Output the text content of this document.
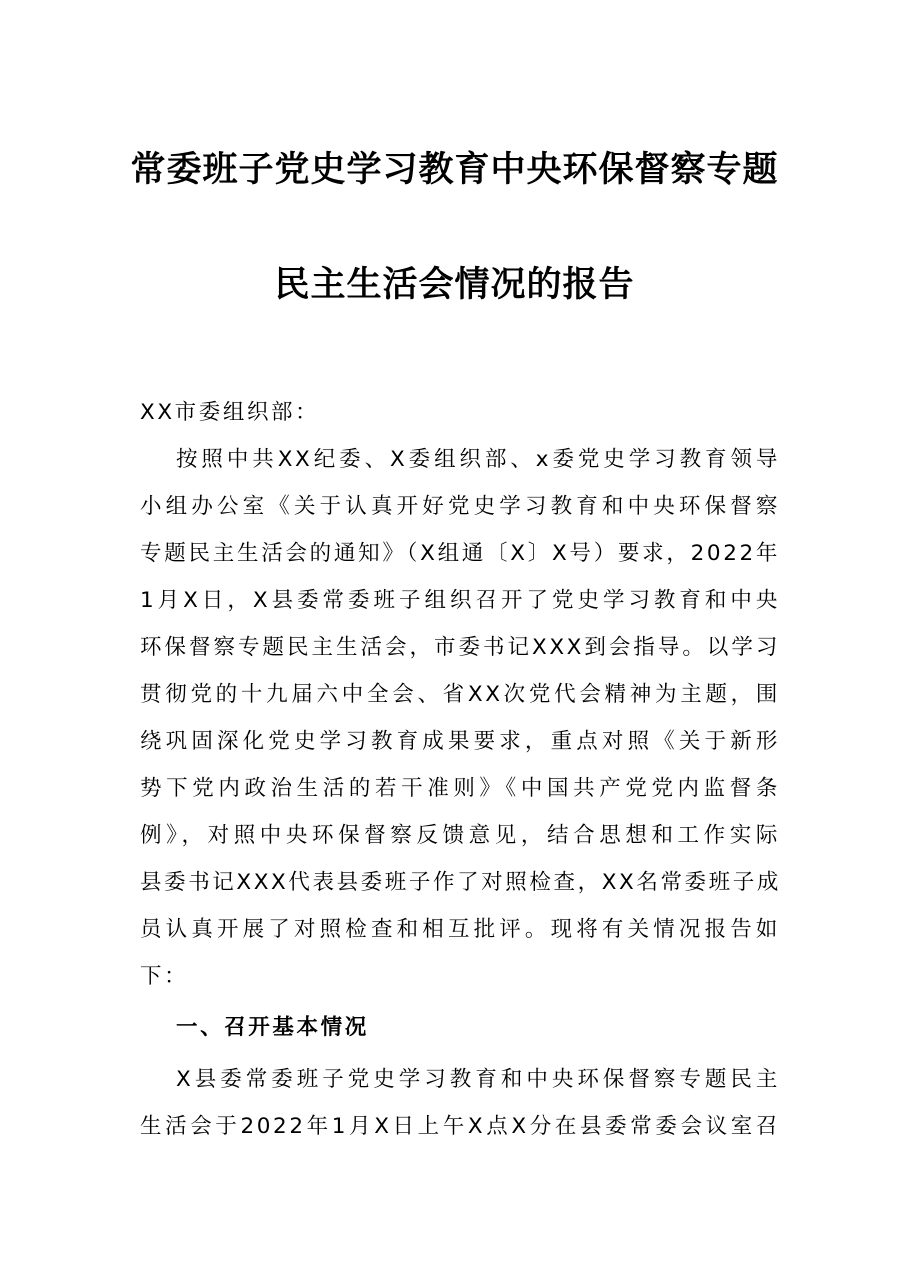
常委班子党史学习教育中央环保督察专题
民主生活会情况的报告
XX市委组织部：
按照中共XX纪委、X委组织部、x委党史学习教育领导
小组办公室《关于认真开好党史学习教育和中央环保督察
专题民主生活会的通知》（X组通〔X〕X号）要求，2022年
1月X日，X县委常委班子组织召开了党史学习教育和中央
环保督察专题民主生活会，市委书记XXX到会指导。以学习
贯彻党的十九届六中全会、省XX次党代会精神为主题，围
绕巩固深化党史学习教育成果要求，重点对照《关于新形
势下党内政治生活的若干准则》《中国共产党党内监督条
例》，对照中央环保督察反馈意见，结合思想和工作实际
县委书记XXX代表县委班子作了对照检查，XX名常委班子成
员认真开展了对照检查和相互批评。现将有关情况报告如
下：
一、召开基本情况
X县委常委班子党史学习教育和中央环保督察专题民主
生活会于2022年1月X日上午X点X分在县委常委会议室召
